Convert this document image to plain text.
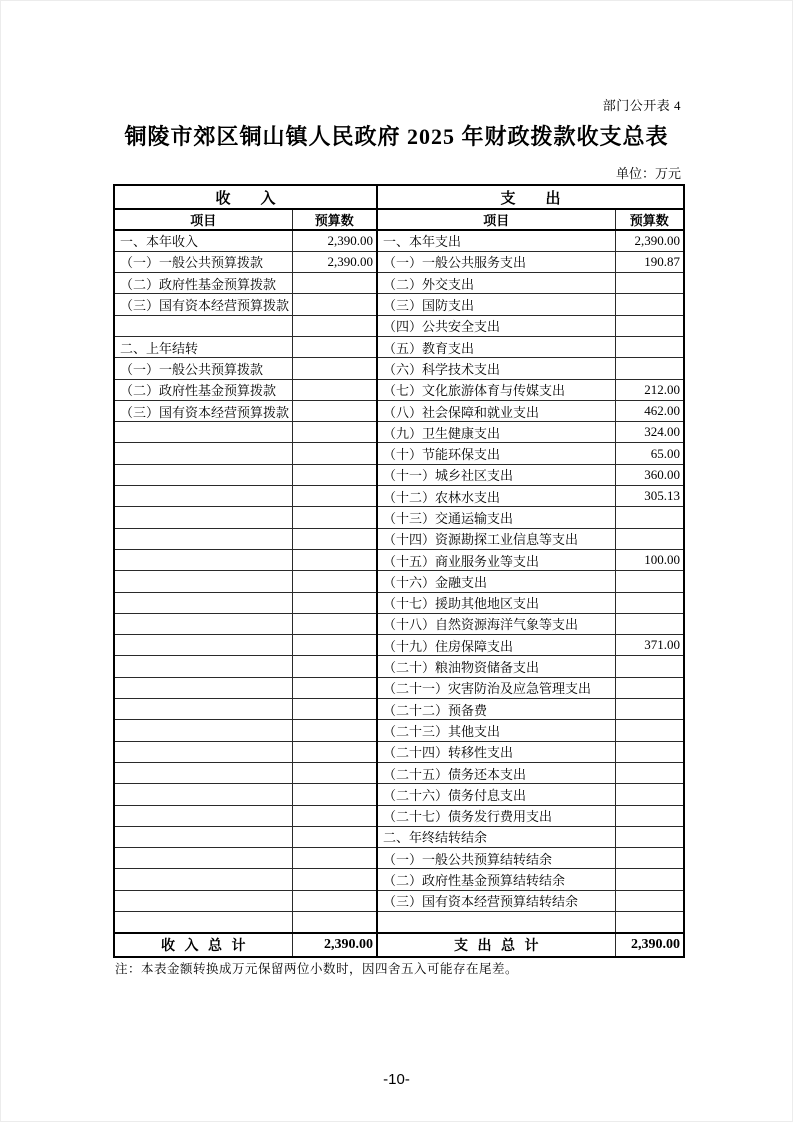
部门公开表 4
铜陵市郊区铜山镇人民政府 2025 年财政拨款收支总表
单位：万元
收　　入		支　　出	
项目	预算数	项目	预算数
一、本年收入	2,390.00	一、本年支出	2,390.00
（一）一般公共预算拨款	2,390.00	（一）一般公共服务支出	190.87
（二）政府性基金预算拨款		（二）外交支出	
（三）国有资本经营预算拨款		（三）国防支出	
		（四）公共安全支出	
二、上年结转		（五）教育支出	
（一）一般公共预算拨款		（六）科学技术支出	
（二）政府性基金预算拨款		（七）文化旅游体育与传媒支出	212.00
（三）国有资本经营预算拨款		（八）社会保障和就业支出	462.00
		（九）卫生健康支出	324.00
		（十）节能环保支出	65.00
		（十一）城乡社区支出	360.00
		（十二）农林水支出	305.13
		（十三）交通运输支出	
		（十四）资源勘探工业信息等支出	
		（十五）商业服务业等支出	100.00
		（十六）金融支出	
		（十七）援助其他地区支出	
		（十八）自然资源海洋气象等支出	
		（十九）住房保障支出	371.00
		（二十）粮油物资储备支出	
		（二十一）灾害防治及应急管理支出	
		（二十二）预备费	
		（二十三）其他支出	
		（二十四）转移性支出	
		（二十五）债务还本支出	
		（二十六）债务付息支出	
		（二十七）债务发行费用支出	
		二、年终结转结余	
		（一）一般公共预算结转结余	
		（二）政府性基金预算结转结余	
		（三）国有资本经营预算结转结余	

收 入 总 计	2,390.00	支 出 总 计	2,390.00
注：本表金额转换成万元保留两位小数时，因四舍五入可能存在尾差。
-10-
